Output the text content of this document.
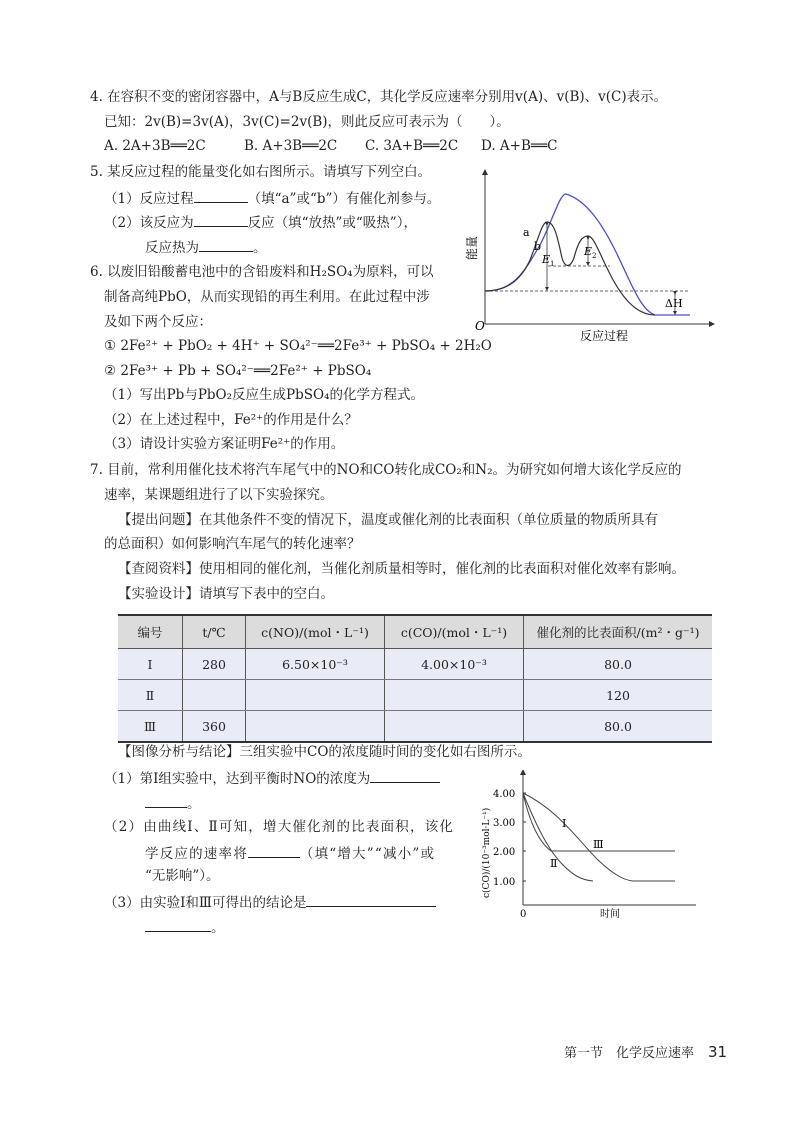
4. 在容积不变的密闭容器中，A与B反应生成C，其化学反应速率分别用v(A)、v(B)、v(C)表示。
已知：2v(B)=3v(A)，3v(C)=2v(B)，则此反应可表示为（　　）。
A. 2A+3B══2C	B. A+3B══2C C. 3A+B══2C D. A+B══C
5. 某反应过程的能量变化如右图所示。请填写下列空白。
（1）反应过程	（填“a”或“b”）有催化剂参与。
（2）该反应为	反应（填“放热”或“吸热”），
反应热为	。
a
b
$E_1$
$E_2$
ΔH
O
反应过程
能量
6. 以废旧铅酸蓄电池中的含铅废料和H₂SO₄为原料，可以
制备高纯PbO，从而实现铅的再生利用。在此过程中涉
及如下两个反应：
① 2Fe²⁺ + PbO₂ + 4H⁺ + SO₄²⁻══2Fe³⁺ + PbSO₄ + 2H₂O
② 2Fe³⁺ + Pb + SO₄²⁻══2Fe²⁺ + PbSO₄
（1）写出Pb与PbO₂反应生成PbSO₄的化学方程式。
（2）在上述过程中，Fe²⁺的作用是什么？
（3）请设计实验方案证明Fe²⁺的作用。
7. 目前，常利用催化技术将汽车尾气中的NO和CO转化成CO₂和N₂。为研究如何增大该化学反应的
速率，某课题组进行了以下实验探究。
【提出问题】在其他条件不变的情况下，温度或催化剂的比表面积（单位质量的物质所具有
的总面积）如何影响汽车尾气的转化速率？
【查阅资料】使用相同的催化剂，当催化剂质量相等时，催化剂的比表面积对催化效率有影响。
【实验设计】请填写下表中的空白。
编号	t/℃	c(NO)/(mol・L⁻¹)	c(CO)/(mol・L⁻¹)	催化剂的比表面积/(m²・g⁻¹)
Ⅰ	280	6.50×10⁻³	4.00×10⁻³	80.0
Ⅱ				120
Ⅲ	360			80.0
【图像分析与结论】三组实验中CO的浓度随时间的变化如右图所示。
（1）第Ⅰ组实验中，达到平衡时NO的浓度为
。
（2）由曲线Ⅰ、Ⅱ可知，增大催化剂的比表面积，该化
学反应的速率将	（填“增大”“减小”或
“无影响”）。
（3）由实验Ⅰ和Ⅲ可得出的结论是
。
4.00
3.00
2.00
1.00
0	时间
c(CO)/(10⁻³mol·L⁻¹)	Ⅰ
Ⅱ
Ⅲ
第一节　化学反应速率 31
